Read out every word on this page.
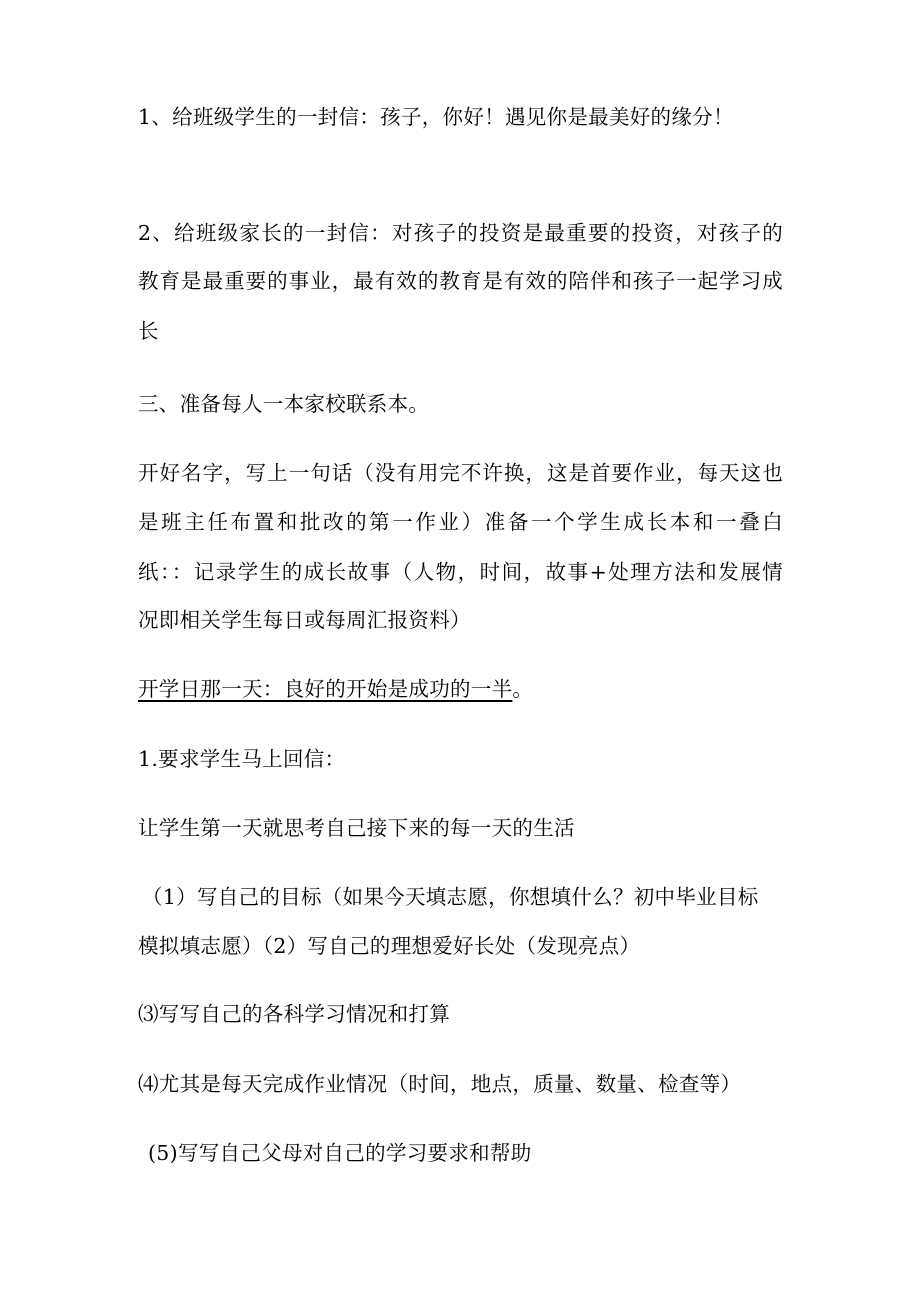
1、给班级学生的一封信：孩子，你好！遇见你是最美好的缘分！
2、给班级家长的一封信：对孩子的投资是最重要的投资，对孩子的
教育是最重要的事业，最有效的教育是有效的陪伴和孩子一起学习成
长
三、准备每人一本家校联系本。
开好名字，写上一句话（没有用完不许换，这是首要作业，每天这也
是班主任布置和批改的第一作业）准备一个学生成长本和一叠白
纸：：记录学生的成长故事（人物，时间，故事+处理方法和发展情
况即相关学生每日或每周汇报资料）
开学日那一天：良好的开始是成功的一半。
1.要求学生马上回信：
让学生第一天就思考自己接下来的每一天的生活
（1）写自己的目标（如果今天填志愿，你想填什么？初中毕业目标
模拟填志愿）（2）写自己的理想爱好长处（发现亮点）
⑶写写自己的各科学习情况和打算
⑷尤其是每天完成作业情况（时间，地点，质量、数量、检查等）
(5)写写自己父母对自己的学习要求和帮助
